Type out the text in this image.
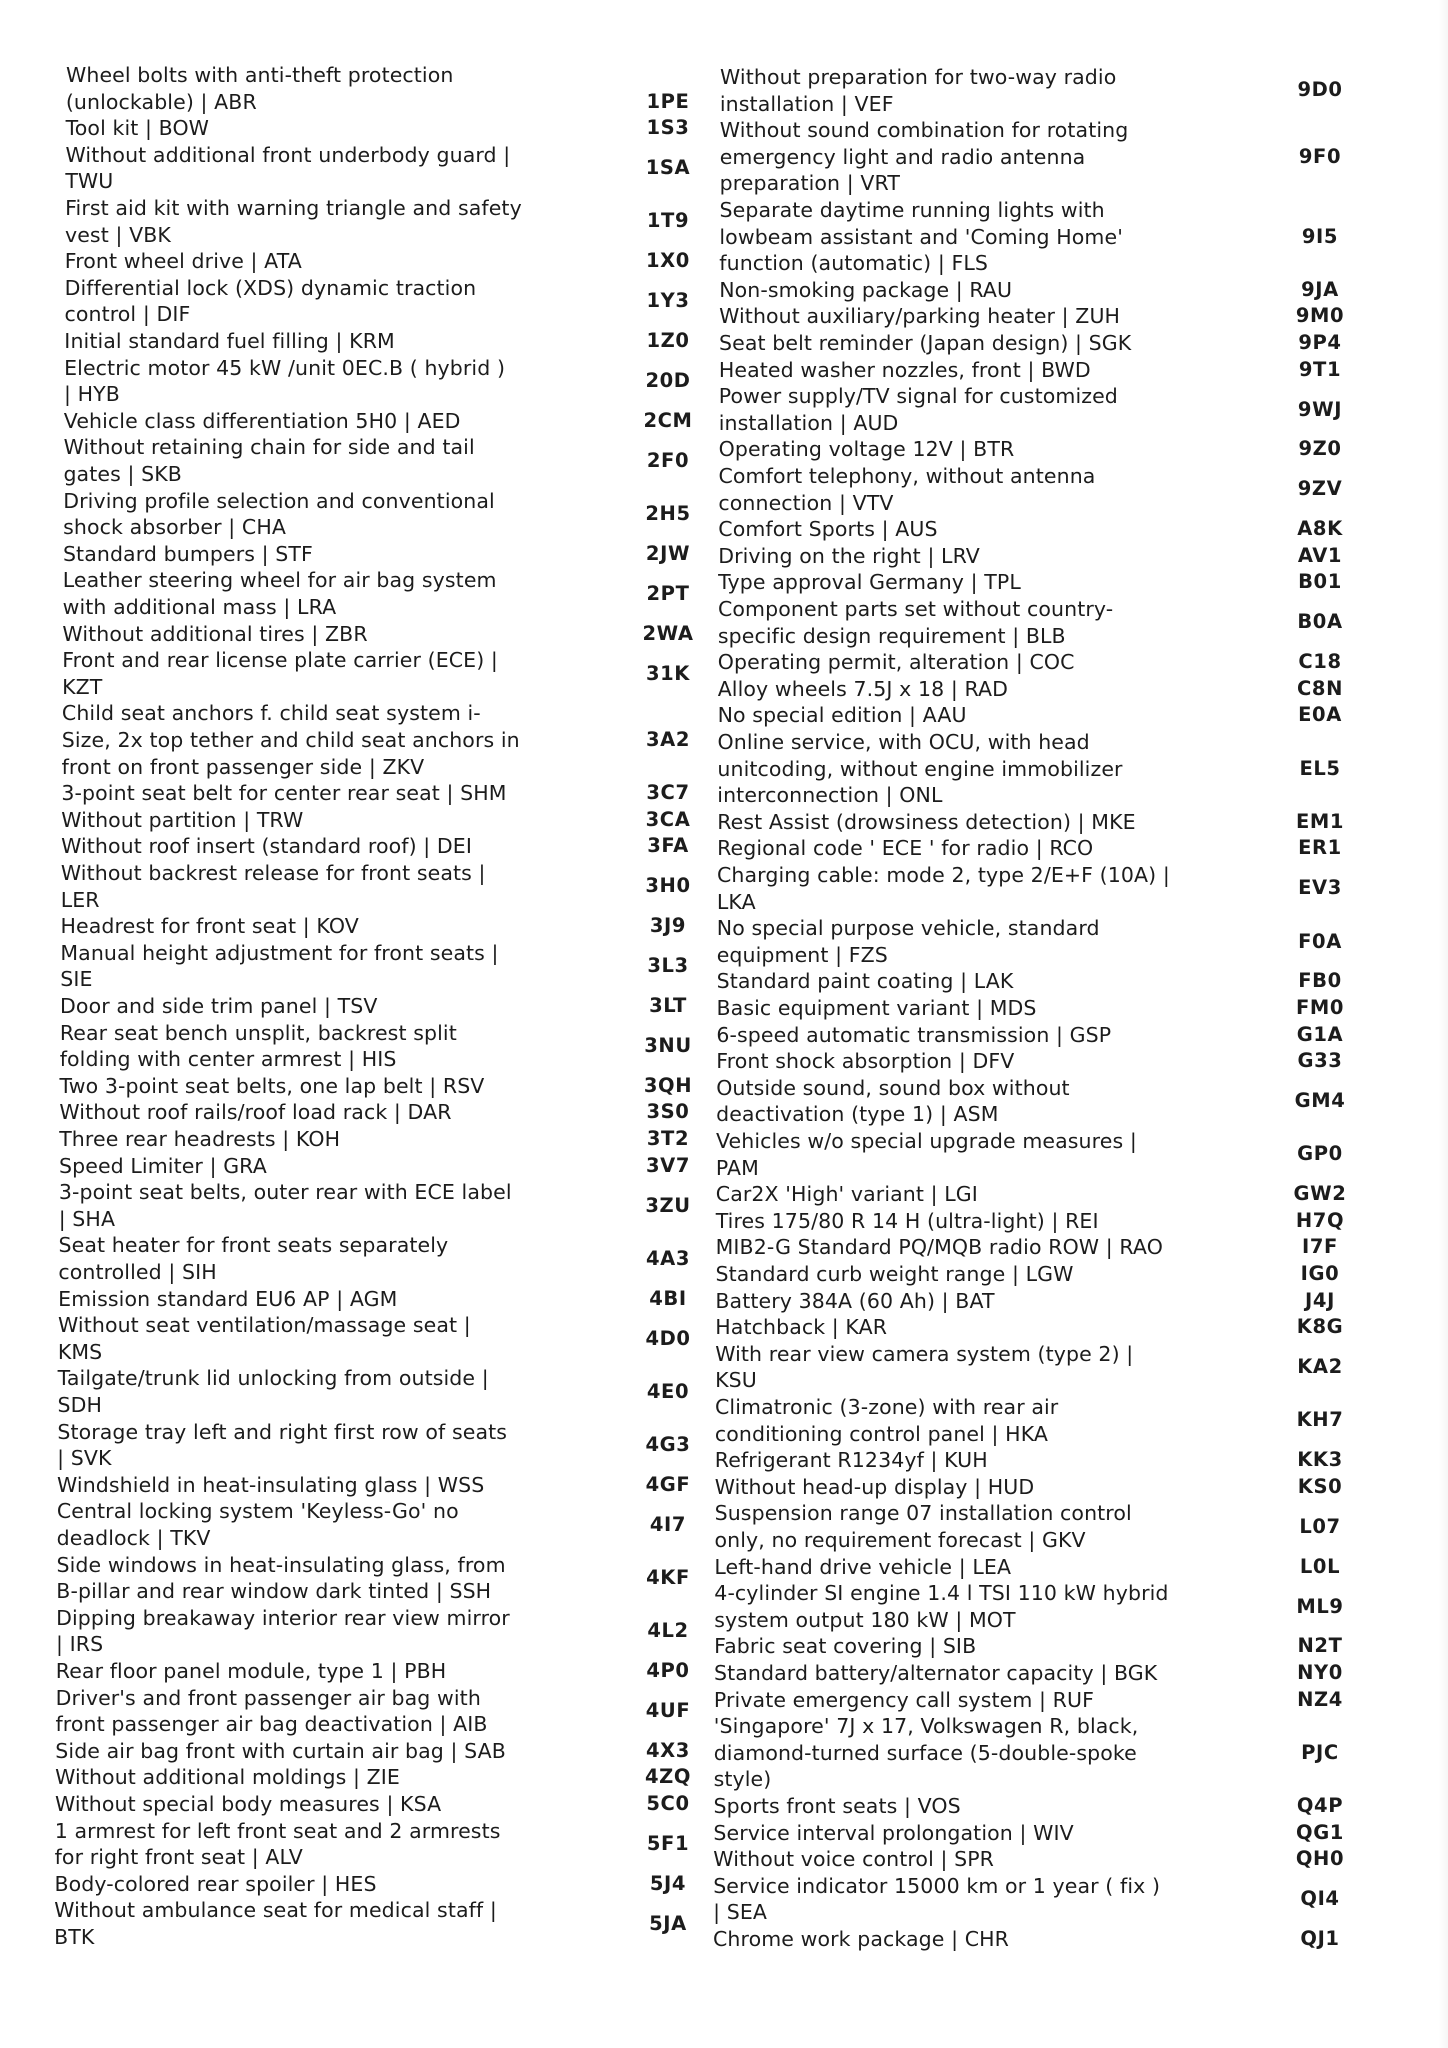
Wheel bolts with anti-theft protection
(unlockable) | ABR
Tool kit | BOW
Without additional front underbody guard |
TWU
First aid kit with warning triangle and safety
vest | VBK
Front wheel drive | ATA
Differential lock (XDS) dynamic traction
control | DIF
Initial standard fuel filling | KRM
Electric motor 45 kW /unit 0EC.B ( hybrid )
| HYB
Vehicle class differentiation 5H0 | AED
Without retaining chain for side and tail
gates | SKB
Driving profile selection and conventional
shock absorber | CHA
Standard bumpers | STF
Leather steering wheel for air bag system
with additional mass | LRA
Without additional tires | ZBR
Front and rear license plate carrier (ECE) |
KZT
Child seat anchors f. child seat system i-
Size, 2x top tether and child seat anchors in
front on front passenger side | ZKV
3-point seat belt for center rear seat | SHM
Without partition | TRW
Without roof insert (standard roof) | DEI
Without backrest release for front seats |
LER
Headrest for front seat | KOV
Manual height adjustment for front seats |
SIE
Door and side trim panel | TSV
Rear seat bench unsplit, backrest split
folding with center armrest | HIS
Two 3-point seat belts, one lap belt | RSV
Without roof rails/roof load rack | DAR
Three rear headrests | KOH
Speed Limiter | GRA
3-point seat belts, outer rear with ECE label
| SHA
Seat heater for front seats separately
controlled | SIH
Emission standard EU6 AP | AGM
Without seat ventilation/massage seat |
KMS
Tailgate/trunk lid unlocking from outside |
SDH
Storage tray left and right first row of seats
| SVK
Windshield in heat-insulating glass | WSS
Central locking system 'Keyless-Go' no
deadlock | TKV
Side windows in heat-insulating glass, from
B-pillar and rear window dark tinted | SSH
Dipping breakaway interior rear view mirror
| IRS
Rear floor panel module, type 1 | PBH
Driver's and front passenger air bag with
front passenger air bag deactivation | AIB
Side air bag front with curtain air bag | SAB
Without additional moldings | ZIE
Without special body measures | KSA
1 armrest for left front seat and 2 armrests
for right front seat | ALV
Body-colored rear spoiler | HES
Without ambulance seat for medical staff |
BTK
1PE
1S3
1SA
1T9
1X0
1Y3
1Z0
20D
2CM
2F0
2H5
2JW
2PT
2WA
31K
3A2
3C7
3CA
3FA
3H0
3J9
3L3
3LT
3NU
3QH
3S0
3T2
3V7
3ZU
4A3
4BI
4D0
4E0
4G3
4GF
4I7
4KF
4L2
4P0
4UF
4X3
4ZQ
5C0
5F1
5J4
5JA
Without preparation for two-way radio
installation | VEF
Without sound combination for rotating
emergency light and radio antenna
preparation | VRT
Separate daytime running lights with
lowbeam assistant and 'Coming Home'
function (automatic) | FLS
Non-smoking package | RAU
Without auxiliary/parking heater | ZUH
Seat belt reminder (Japan design) | SGK
Heated washer nozzles, front | BWD
Power supply/TV signal for customized
installation | AUD
Operating voltage 12V | BTR
Comfort telephony, without antenna
connection | VTV
Comfort Sports | AUS
Driving on the right | LRV
Type approval Germany | TPL
Component parts set without country-
specific design requirement | BLB
Operating permit, alteration | COC
Alloy wheels 7.5J x 18 | RAD
No special edition | AAU
Online service, with OCU, with head
unitcoding, without engine immobilizer
interconnection | ONL
Rest Assist (drowsiness detection) | MKE
Regional code ' ECE ' for radio | RCO
Charging cable: mode 2, type 2/E+F (10A) |
LKA
No special purpose vehicle, standard
equipment | FZS
Standard paint coating | LAK
Basic equipment variant | MDS
6-speed automatic transmission | GSP
Front shock absorption | DFV
Outside sound, sound box without
deactivation (type 1) | ASM
Vehicles w/o special upgrade measures |
PAM
Car2X 'High' variant | LGI
Tires 175/80 R 14 H (ultra-light) | REI
MIB2-G Standard PQ/MQB radio ROW | RAO
Standard curb weight range | LGW
Battery 384A (60 Ah) | BAT
Hatchback | KAR
With rear view camera system (type 2) |
KSU
Climatronic (3-zone) with rear air
conditioning control panel | HKA
Refrigerant R1234yf | KUH
Without head-up display | HUD
Suspension range 07 installation control
only, no requirement forecast | GKV
Left-hand drive vehicle | LEA
4-cylinder SI engine 1.4 l TSI 110 kW hybrid
system output 180 kW | MOT
Fabric seat covering | SIB
Standard battery/alternator capacity | BGK
Private emergency call system | RUF
'Singapore' 7J x 17, Volkswagen R, black,
diamond-turned surface (5-double-spoke
style)
Sports front seats | VOS
Service interval prolongation | WIV
Without voice control | SPR
Service indicator 15000 km or 1 year ( fix )
| SEA
Chrome work package | CHR
9D0
9F0
9I5
9JA
9M0
9P4
9T1
9WJ
9Z0
9ZV
A8K
AV1
B01
B0A
C18
C8N
E0A
EL5
EM1
ER1
EV3
F0A
FB0
FM0
G1A
G33
GM4
GP0
GW2
H7Q
I7F
IG0
J4J
K8G
KA2
KH7
KK3
KS0
L07
L0L
ML9
N2T
NY0
NZ4
PJC
Q4P
QG1
QH0
QI4
QJ1
